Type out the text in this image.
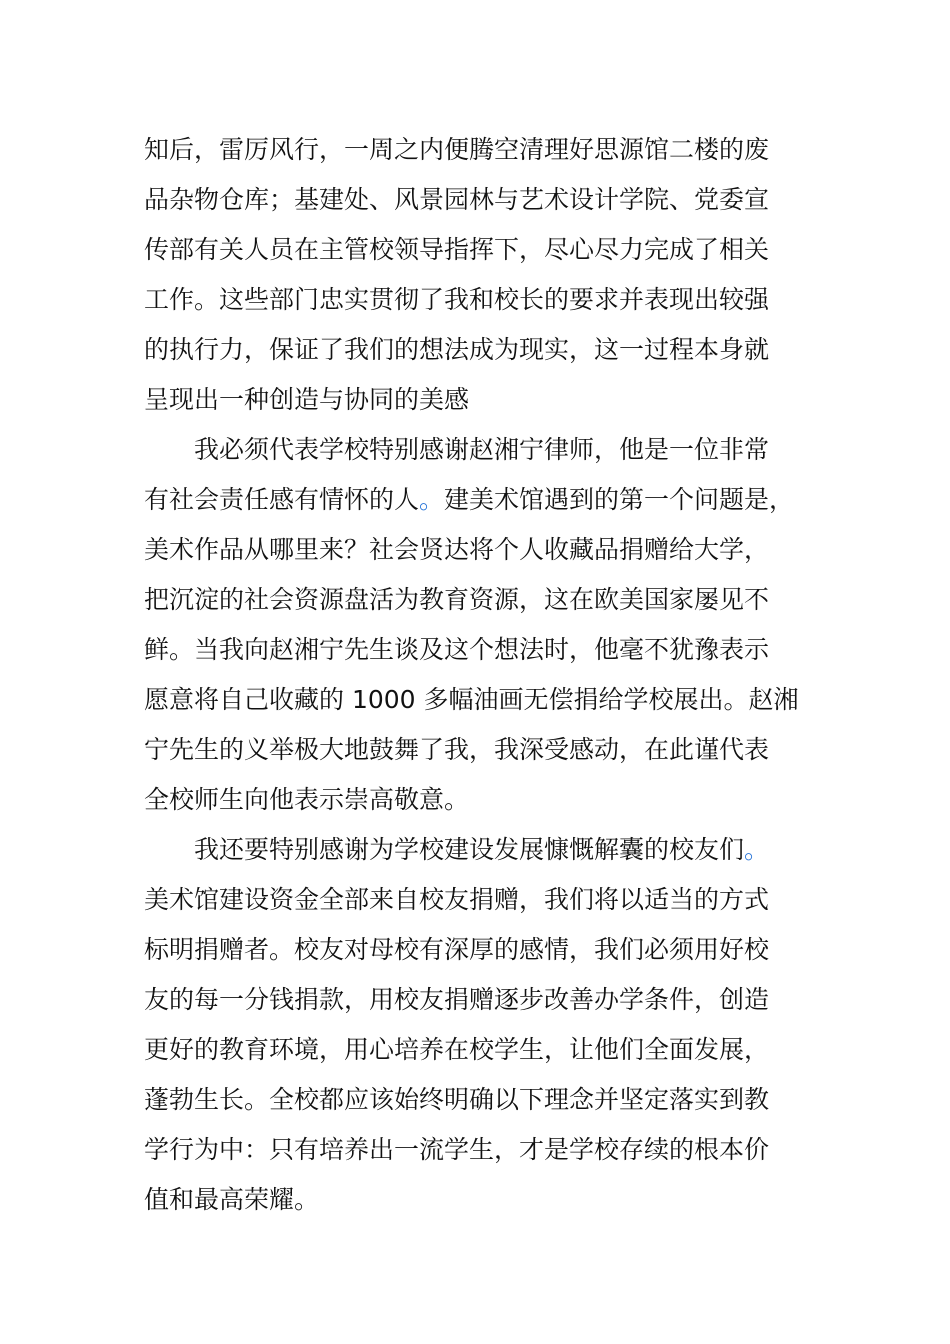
知后，雷厉风行，一周之内便腾空清理好思源馆二楼的废
品杂物仓库；基建处、风景园林与艺术设计学院、党委宣
传部有关人员在主管校领导指挥下，尽心尽力完成了相关
工作。这些部门忠实贯彻了我和校长的要求并表现出较强
的执行力，保证了我们的想法成为现实，这一过程本身就
呈现出一种创造与协同的美感
我必须代表学校特别感谢赵湘宁律师，他是一位非常
有社会责任感有情怀的人。建美术馆遇到的第一个问题是，
美术作品从哪里来？社会贤达将个人收藏品捐赠给大学，
把沉淀的社会资源盘活为教育资源，这在欧美国家屡见不
鲜。当我向赵湘宁先生谈及这个想法时，他毫不犹豫表示
愿意将自己收藏的 1000 多幅油画无偿捐给学校展出。赵湘
宁先生的义举极大地鼓舞了我，我深受感动，在此谨代表
全校师生向他表示崇高敬意。
我还要特别感谢为学校建设发展慷慨解囊的校友们。
美术馆建设资金全部来自校友捐赠，我们将以适当的方式
标明捐赠者。校友对母校有深厚的感情，我们必须用好校
友的每一分钱捐款，用校友捐赠逐步改善办学条件，创造
更好的教育环境，用心培养在校学生，让他们全面发展，
蓬勃生长。全校都应该始终明确以下理念并坚定落实到教
学行为中：只有培养出一流学生，才是学校存续的根本价
值和最高荣耀。
